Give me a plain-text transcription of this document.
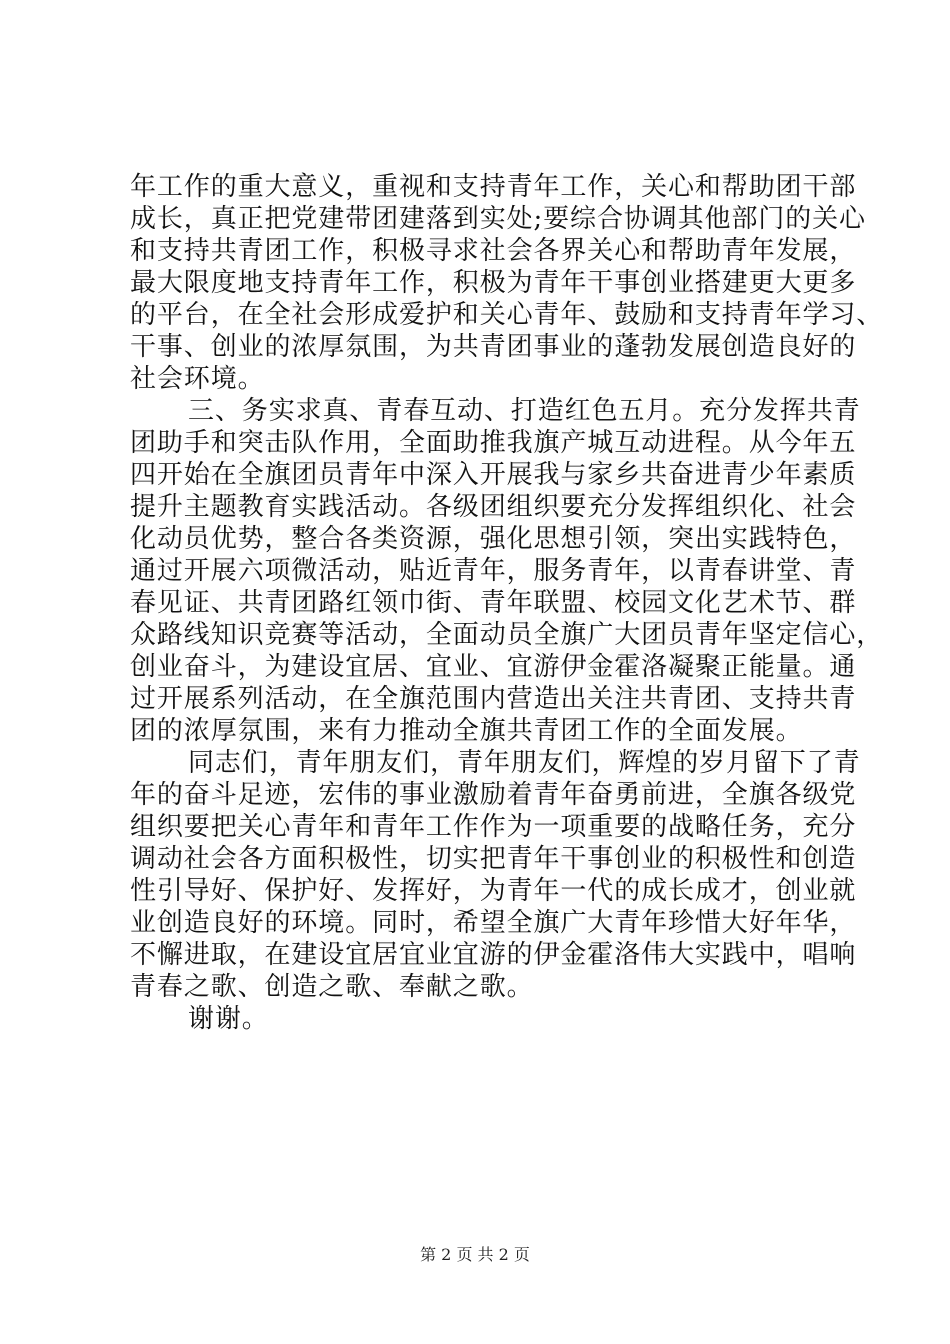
年工作的重大意义，重视和支持青年工作，关心和帮助团干部
成长，真正把党建带团建落到实处;要综合协调其他部门的关心
和支持共青团工作，积极寻求社会各界关心和帮助青年发展，
最大限度地支持青年工作，积极为青年干事创业搭建更大更多
的平台，在全社会形成爱护和关心青年、鼓励和支持青年学习、
干事、创业的浓厚氛围，为共青团事业的蓬勃发展创造良好的
社会环境。
三、务实求真、青春互动、打造红色五月。充分发挥共青
团助手和突击队作用，全面助推我旗产城互动进程。从今年五
四开始在全旗团员青年中深入开展我与家乡共奋进青少年素质
提升主题教育实践活动。各级团组织要充分发挥组织化、社会
化动员优势，整合各类资源，强化思想引领，突出实践特色，
通过开展六项微活动，贴近青年，服务青年，以青春讲堂、青
春见证、共青团路红领巾街、青年联盟、校园文化艺术节、群
众路线知识竞赛等活动，全面动员全旗广大团员青年坚定信心，
创业奋斗，为建设宜居、宜业、宜游伊金霍洛凝聚正能量。通
过开展系列活动，在全旗范围内营造出关注共青团、支持共青
团的浓厚氛围，来有力推动全旗共青团工作的全面发展。
同志们，青年朋友们，青年朋友们，辉煌的岁月留下了青
年的奋斗足迹，宏伟的事业激励着青年奋勇前进，全旗各级党
组织要把关心青年和青年工作作为一项重要的战略任务，充分
调动社会各方面积极性，切实把青年干事创业的积极性和创造
性引导好、保护好、发挥好，为青年一代的成长成才，创业就
业创造良好的环境。同时，希望全旗广大青年珍惜大好年华，
不懈进取，在建设宜居宜业宜游的伊金霍洛伟大实践中，唱响
青春之歌、创造之歌、奉献之歌。
谢谢。
第 2 页 共 2 页
